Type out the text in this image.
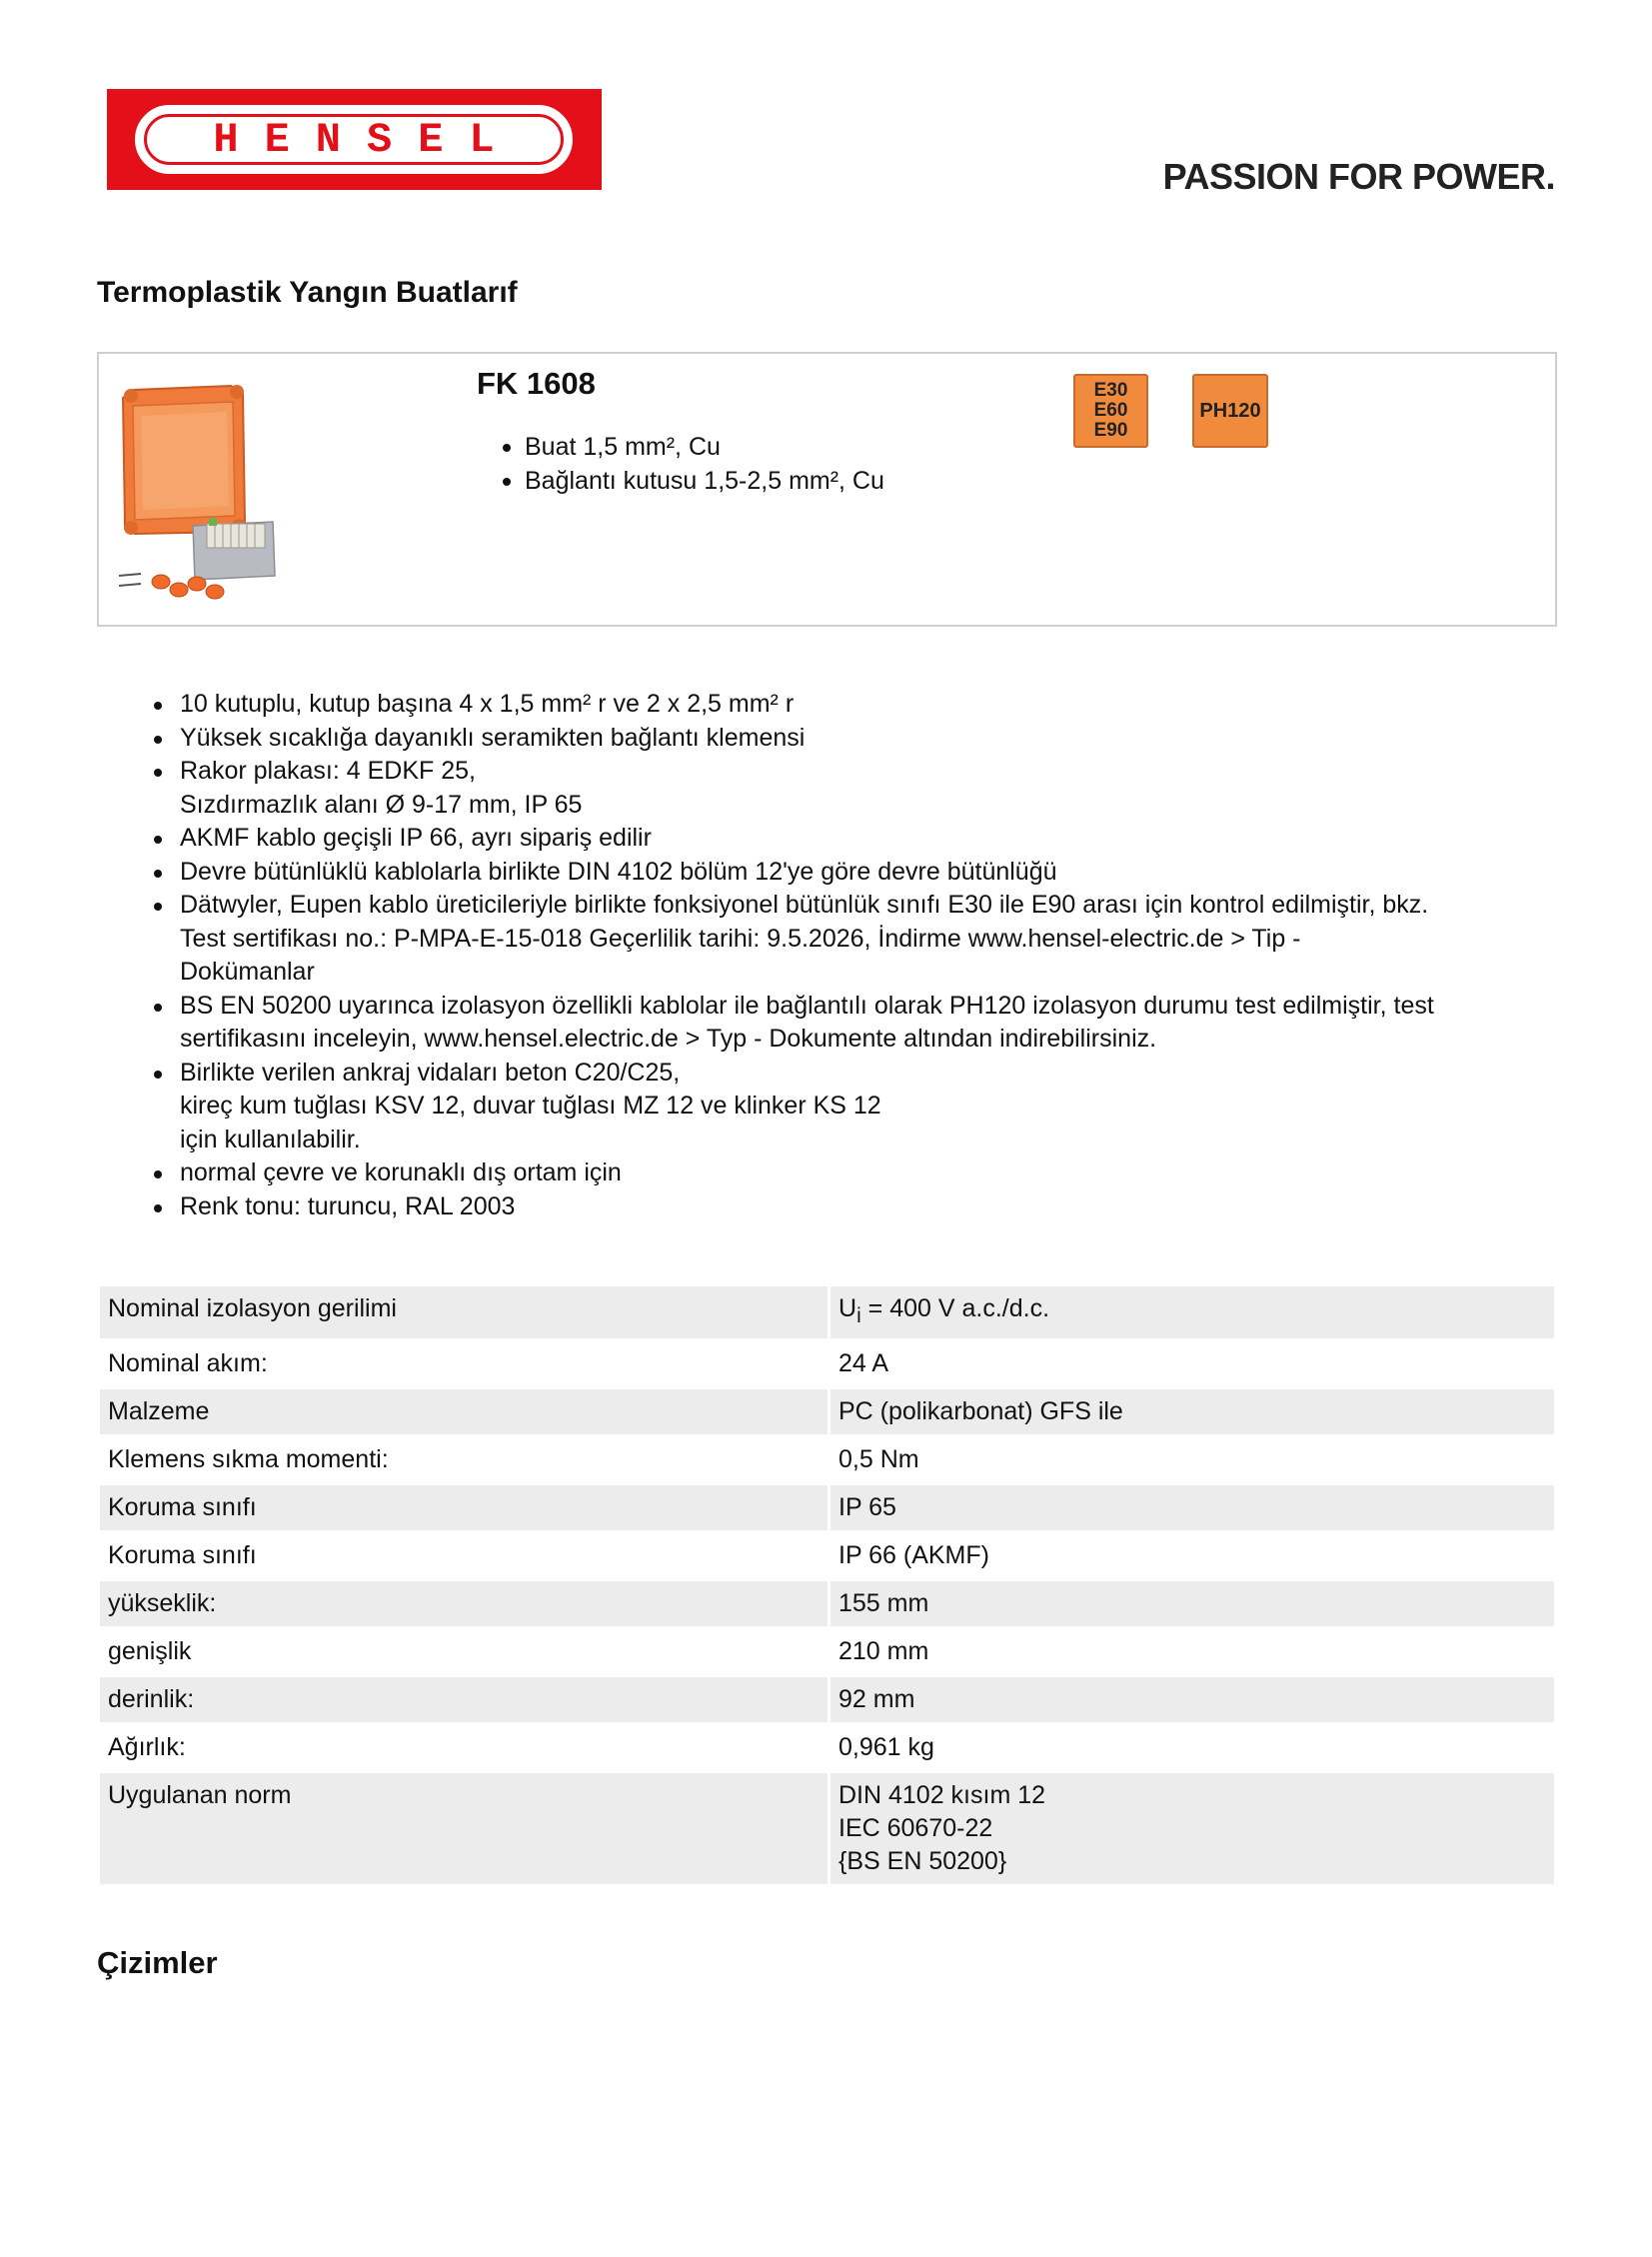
HENSEL
PASSION FOR POWER.
Termoplastik Yangın Buatlarıf
FK 1608
Buat 1,5 mm², Cu
Bağlantı kutusu 1,5-2,5 mm², Cu
E30
E60
E90
PH120
10 kutuplu, kutup başına 4 x 1,5 mm² r ve 2 x 2,5 mm² r
Yüksek sıcaklığa dayanıklı seramikten bağlantı klemensi
Rakor plakası: 4 EDKF 25,
Sızdırmazlık alanı Ø 9-17 mm, IP 65
AKMF kablo geçişli IP 66, ayrı sipariş edilir
Devre bütünlüklü kablolarla birlikte DIN 4102 bölüm 12'ye göre devre bütünlüğü
Dätwyler, Eupen kablo üreticileriyle birlikte fonksiyonel bütünlük sınıfı E30 ile E90 arası için kontrol edilmiştir, bkz.
Test sertifikası no.: P-MPA-E-15-018 Geçerlilik tarihi: 9.5.2026, İndirme www.hensel-electric.de > Tip -
Dokümanlar
BS EN 50200 uyarınca izolasyon özellikli kablolar ile bağlantılı olarak PH120 izolasyon durumu test edilmiştir, test
sertifikasını inceleyin, www.hensel.electric.de > Typ - Dokumente altından indirebilirsiniz.
Birlikte verilen ankraj vidaları beton C20/C25,
kireç kum tuğlası KSV 12, duvar tuğlası MZ 12 ve klinker KS 12
için kullanılabilir.
normal çevre ve korunaklı dış ortam için
Renk tonu: turuncu, RAL 2003
Nominal izolasyon gerilimi	$U_i = 400$ V a.c./d.c.
Nominal akım:	24 A
Malzeme	PC (polikarbonat) GFS ile
Klemens sıkma momenti:	0,5 Nm
Koruma sınıfı	IP 65
Koruma sınıfı	IP 66 (AKMF)
yükseklik:	155 mm
genişlik	210 mm
derinlik:	92 mm
Ağırlık:	0,961 kg
Uygulanan norm	DIN 4102 kısım 12
IEC 60670-22
{BS EN 50200}
Çizimler
